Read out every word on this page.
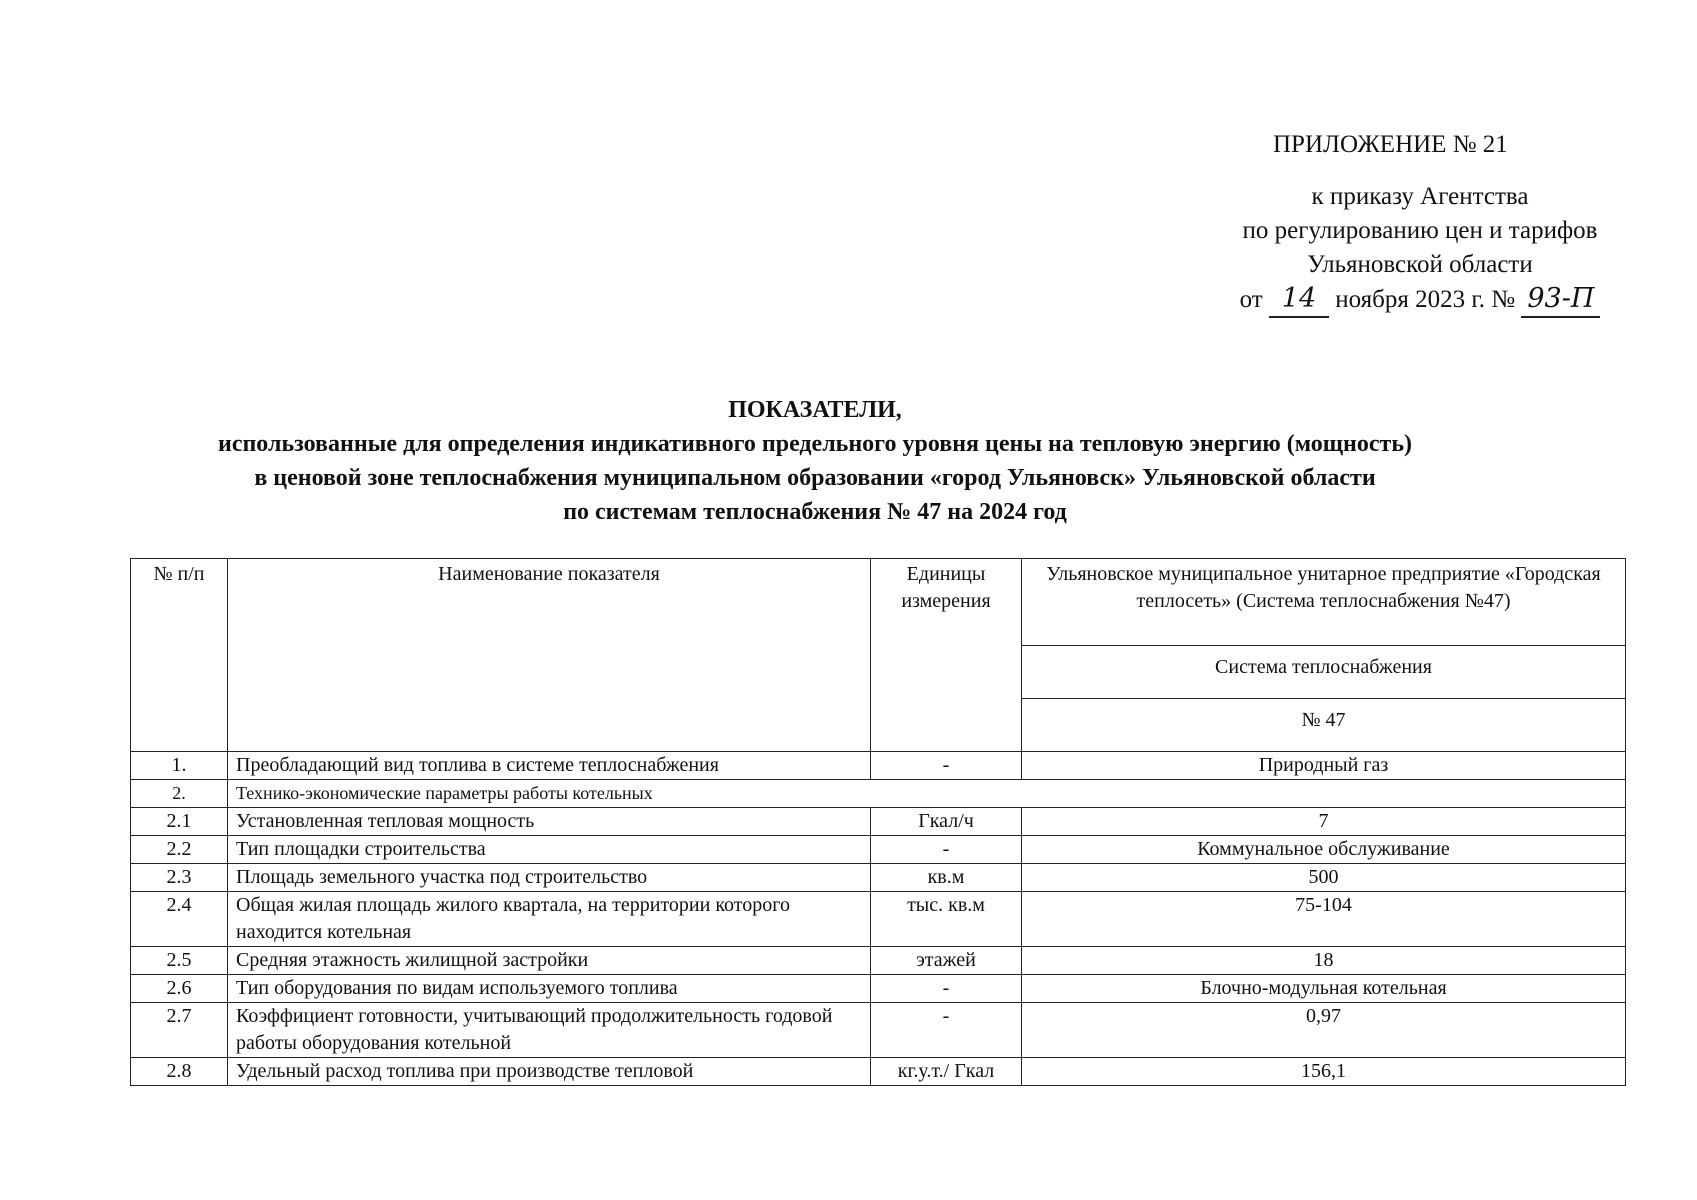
ПРИЛОЖЕНИЕ № 21
к приказу Агентства
по регулированию цен и тарифов
Ульяновской области
от 14 ноября 2023 г. № 93-П
ПОКАЗАТЕЛИ,
использованные для определения индикативного предельного уровня цены на тепловую энергию (мощность)
в ценовой зоне теплоснабжения муниципальном образовании «город Ульяновск» Ульяновской области
по системам теплоснабжения № 47 на 2024 год
№ п/п	Наименование показателя	Единицы измерения	Ульяновское муниципальное унитарное предприятие «Городская теплосеть» (Система теплоснабжения №47)
			Система теплоснабжения
			№ 47
1.	Преобладающий вид топлива в системе теплоснабжения	-	Природный газ
2.	Технико-экономические параметры работы котельных		
2.1	Установленная тепловая мощность	Гкал/ч	7
2.2	Тип площадки строительства	-	Коммунальное обслуживание
2.3	Площадь земельного участка под строительство	кв.м	500
2.4	Общая жилая площадь жилого квартала, на территории которого находится котельная	тыс. кв.м	75-104
2.5	Средняя этажность жилищной застройки	этажей	18
2.6	Тип оборудования по видам используемого топлива	-	Блочно-модульная котельная
2.7	Коэффициент готовности, учитывающий продолжительность годовой работы оборудования котельной	-	0,97
2.8	Удельный расход топлива при производстве тепловой	кг.у.т./ Гкал	156,1
